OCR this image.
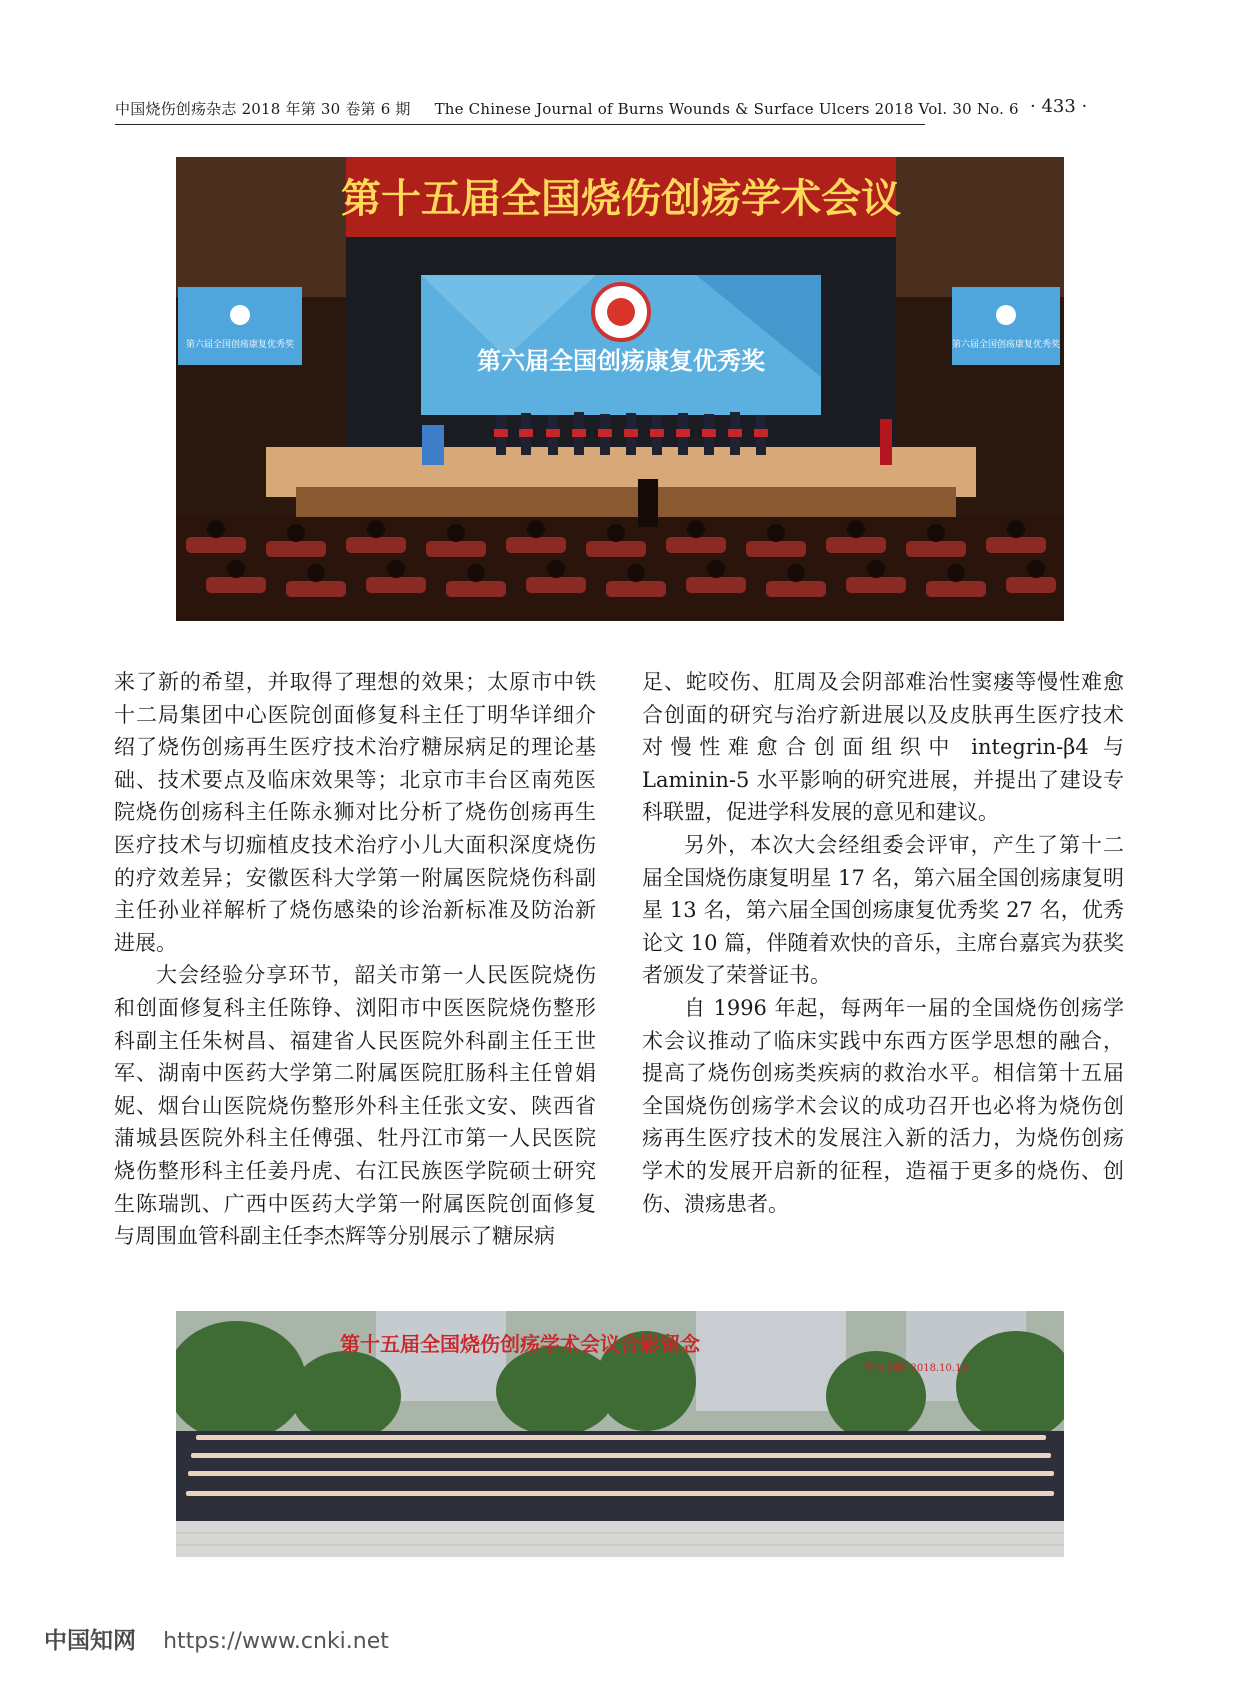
中国烧伤创疡杂志 2018 年第 30 卷第 6 期 The Chinese Journal of Burns Wounds & Surface Ulcers 2018 Vol. 30 No. 6 · 433 ·
第十五届全国烧伤创疡学术会议
第六届全国创疡康复优秀奖
第六届全国创疡康复优秀奖	第六届全国创疡康复优秀奖

来了新的希望，并取得了理想的效果；太原市中铁十二局集团中心医院创面修复科主任丁明华详细介绍了烧伤创疡再生医疗技术治疗糖尿病足的理论基础、技术要点及临床效果等；北京市丰台区南苑医院烧伤创疡科主任陈永狮对比分析了烧伤创疡再生医疗技术与切痂植皮技术治疗小儿大面积深度烧伤的疗效差异；安徽医科大学第一附属医院烧伤科副主任孙业祥解析了烧伤感染的诊治新标准及防治新进展。

大会经验分享环节，韶关市第一人民医院烧伤和创面修复科主任陈铮、浏阳市中医医院烧伤整形科副主任朱树昌、福建省人民医院外科副主任王世军、湖南中医药大学第二附属医院肛肠科主任曾娟妮、烟台山医院烧伤整形外科主任张文安、陕西省蒲城县医院外科主任傅强、牡丹江市第一人民医院烧伤整形科主任姜丹虎、右江民族医学院硕士研究生陈瑞凯、广西中医药大学第一附属医院创面修复与周围血管科副主任李杰辉等分别展示了糖尿病

足、蛇咬伤、肛周及会阴部难治性窦瘘等慢性难愈合创面的研究与治疗新进展以及皮肤再生医疗技术对慢性难愈合创面组织中 integrin-β4 与 Laminin-5 水平影响的研究进展，并提出了建设专科联盟，促进学科发展的意见和建议。

另外，本次大会经组委会评审，产生了第十二届全国烧伤康复明星 17 名，第六届全国创疡康复明星 13 名，第六届全国创疡康复优秀奖 27 名，优秀论文 10 篇，伴随着欢快的音乐，主席台嘉宾为获奖者颁发了荣誉证书。

自 1996 年起，每两年一届的全国烧伤创疡学术会议推动了临床实践中东西方医学思想的融合，提高了烧伤创疡类疾病的救治水平。相信第十五届全国烧伤创疡学术会议的成功召开也必将为烧伤创疡再生医疗技术的发展注入新的活力，为烧伤创疡学术的发展开启新的征程，造福于更多的烧伤、创伤、溃疡患者。

第十五届全国烧伤创疡学术会议合影留念
湖南 湖阳 2018.10.13
中国知网 https://www.cnki.net
